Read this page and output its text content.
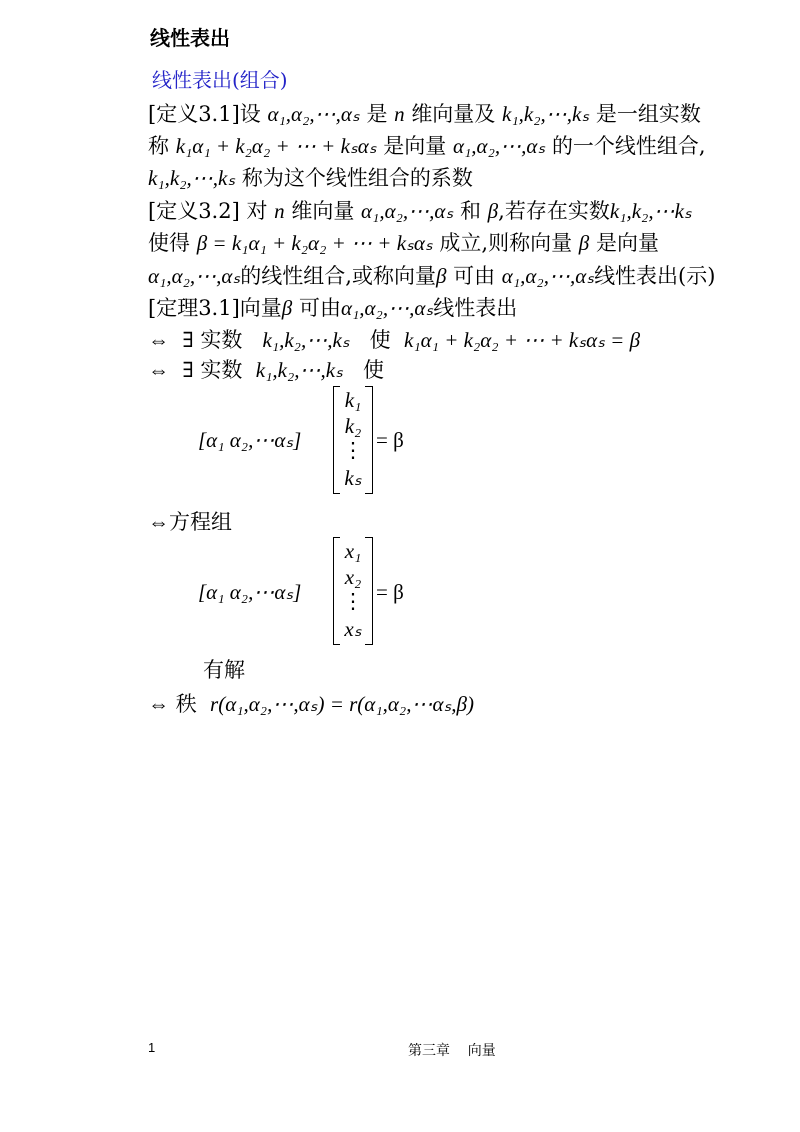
线性表出
线性表出(组合)
[定义3.1]设 α₁,α₂,⋯,αₛ 是 n 维向量及 k₁,k₂,⋯,kₛ 是一组实数
称 k₁α₁ + k₂α₂ + ⋯ + kₛαₛ 是向量 α₁,α₂,⋯,αₛ 的一个线性组合,
k₁,k₂,⋯,kₛ 称为这个线性组合的系数
[定义3.2] 对 n 维向量 α₁,α₂,⋯,αₛ 和 β,若存在实数k₁,k₂,⋯kₛ
使得 β = k₁α₁ + k₂α₂ + ⋯ + kₛαₛ 成立,则称向量 β 是向量
α₁,α₂,⋯,αₛ的线性组合,或称向量β 可由 α₁,α₂,⋯,αₛ线性表出(示)
[定理3.1]向量β 可由α₁,α₂,⋯,αₛ线性表出
⇔ ∃ 实数 k₁,k₂,⋯,kₛ 使 k₁α₁ + k₂α₂ + ⋯ + kₛαₛ = β
⇔ ∃ 实数 k₁,k₂,⋯,kₛ 使
[α₁ α₂,⋯αₛ]
k₁
k₂
⋮
kₛ
= β
⇔方程组
[α₁ α₂,⋯αₛ]
x₁
x₂
⋮
xₛ
= β
有解
⇔ 秩 r(α₁,α₂,⋯,αₛ) = r(α₁,α₂,⋯αₛ,β)
1	第三章    向量
